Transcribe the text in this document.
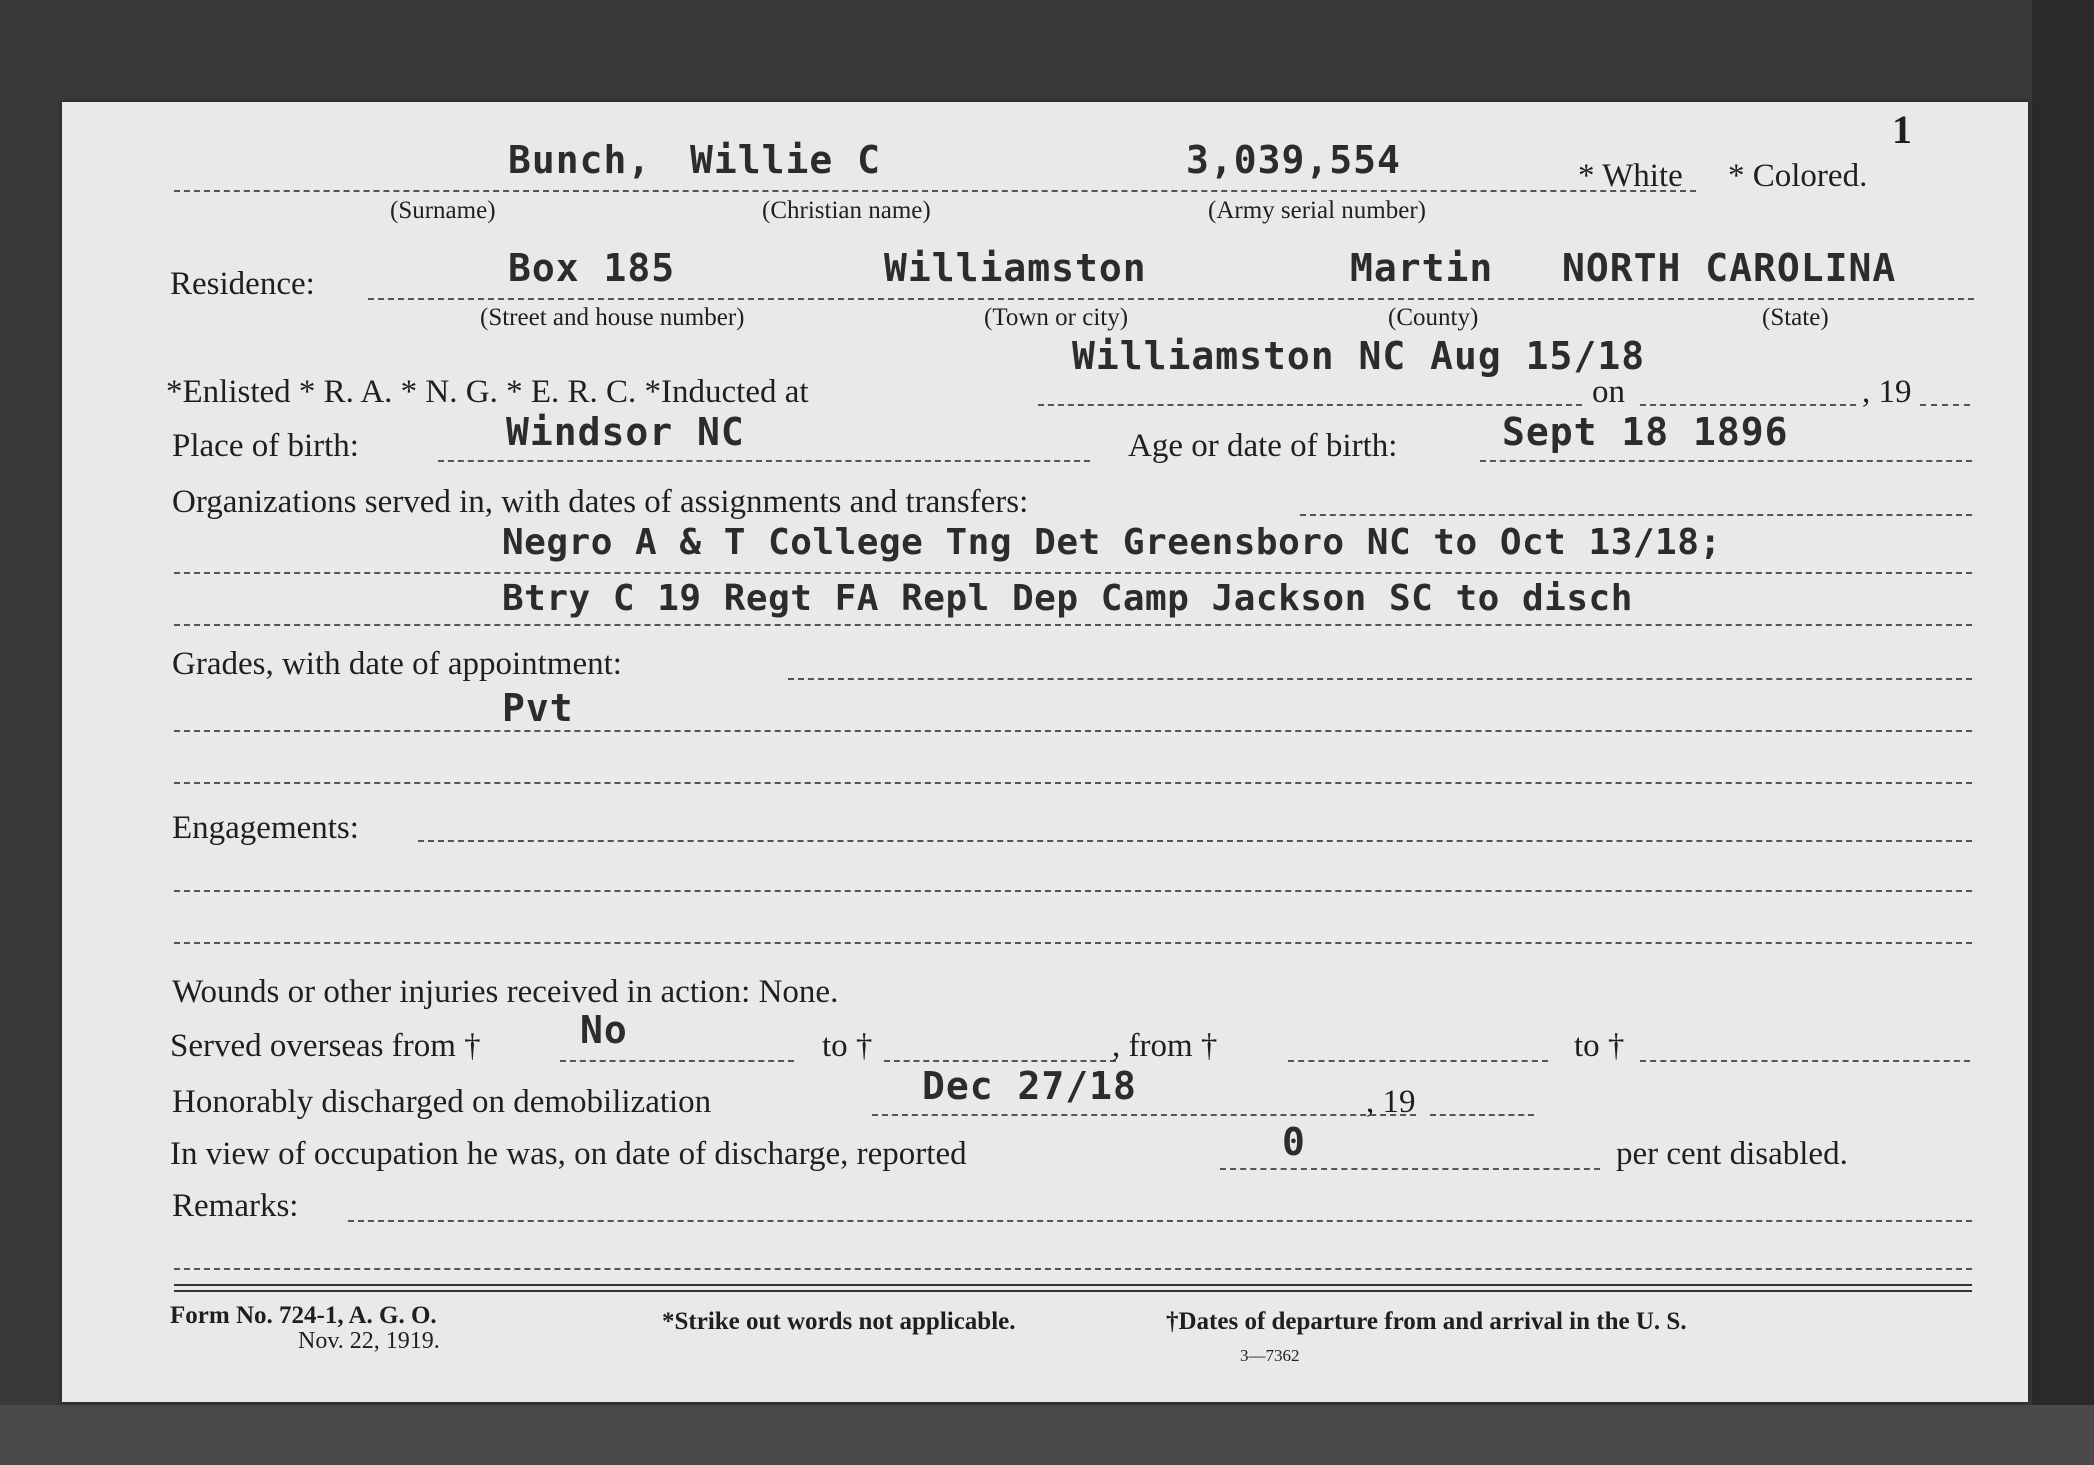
1
Bunch, Willie C	3,039,554	* White * Colored.
(Surname)	(Christian name)	(Army serial number)
Residence:	Box 185	Williamston	Martin NORTH CAROLINA
(Street and house number)	(Town or city)	(County)	(State)
Williamston NC Aug 15/18
*Enlisted * R. A. * N. G. * E. R. C. *Inducted at	on	, 19
Place of birth:	Windsor NC	Age or date of birth:	Sept 18 1896
Organizations served in, with dates of assignments and transfers:
Negro A & T College Tng Det Greensboro NC to Oct 13/18;
Btry C 19 Regt FA Repl Dep Camp Jackson SC to disch
Grades, with date of appointment:
Pvt
Engagements:
Wounds or other injuries received in action: None.
Served overseas from †	No	to †	, from †	to †
Honorably discharged on demobilization	Dec 27/18	, 19
In view of occupation he was, on date of discharge, reported	0	per cent disabled.
Remarks:
Form No. 724-1, A. G. O.
Nov. 22, 1919.
*Strike out words not applicable.	†Dates of departure from and arrival in the U. S.
3—7362
